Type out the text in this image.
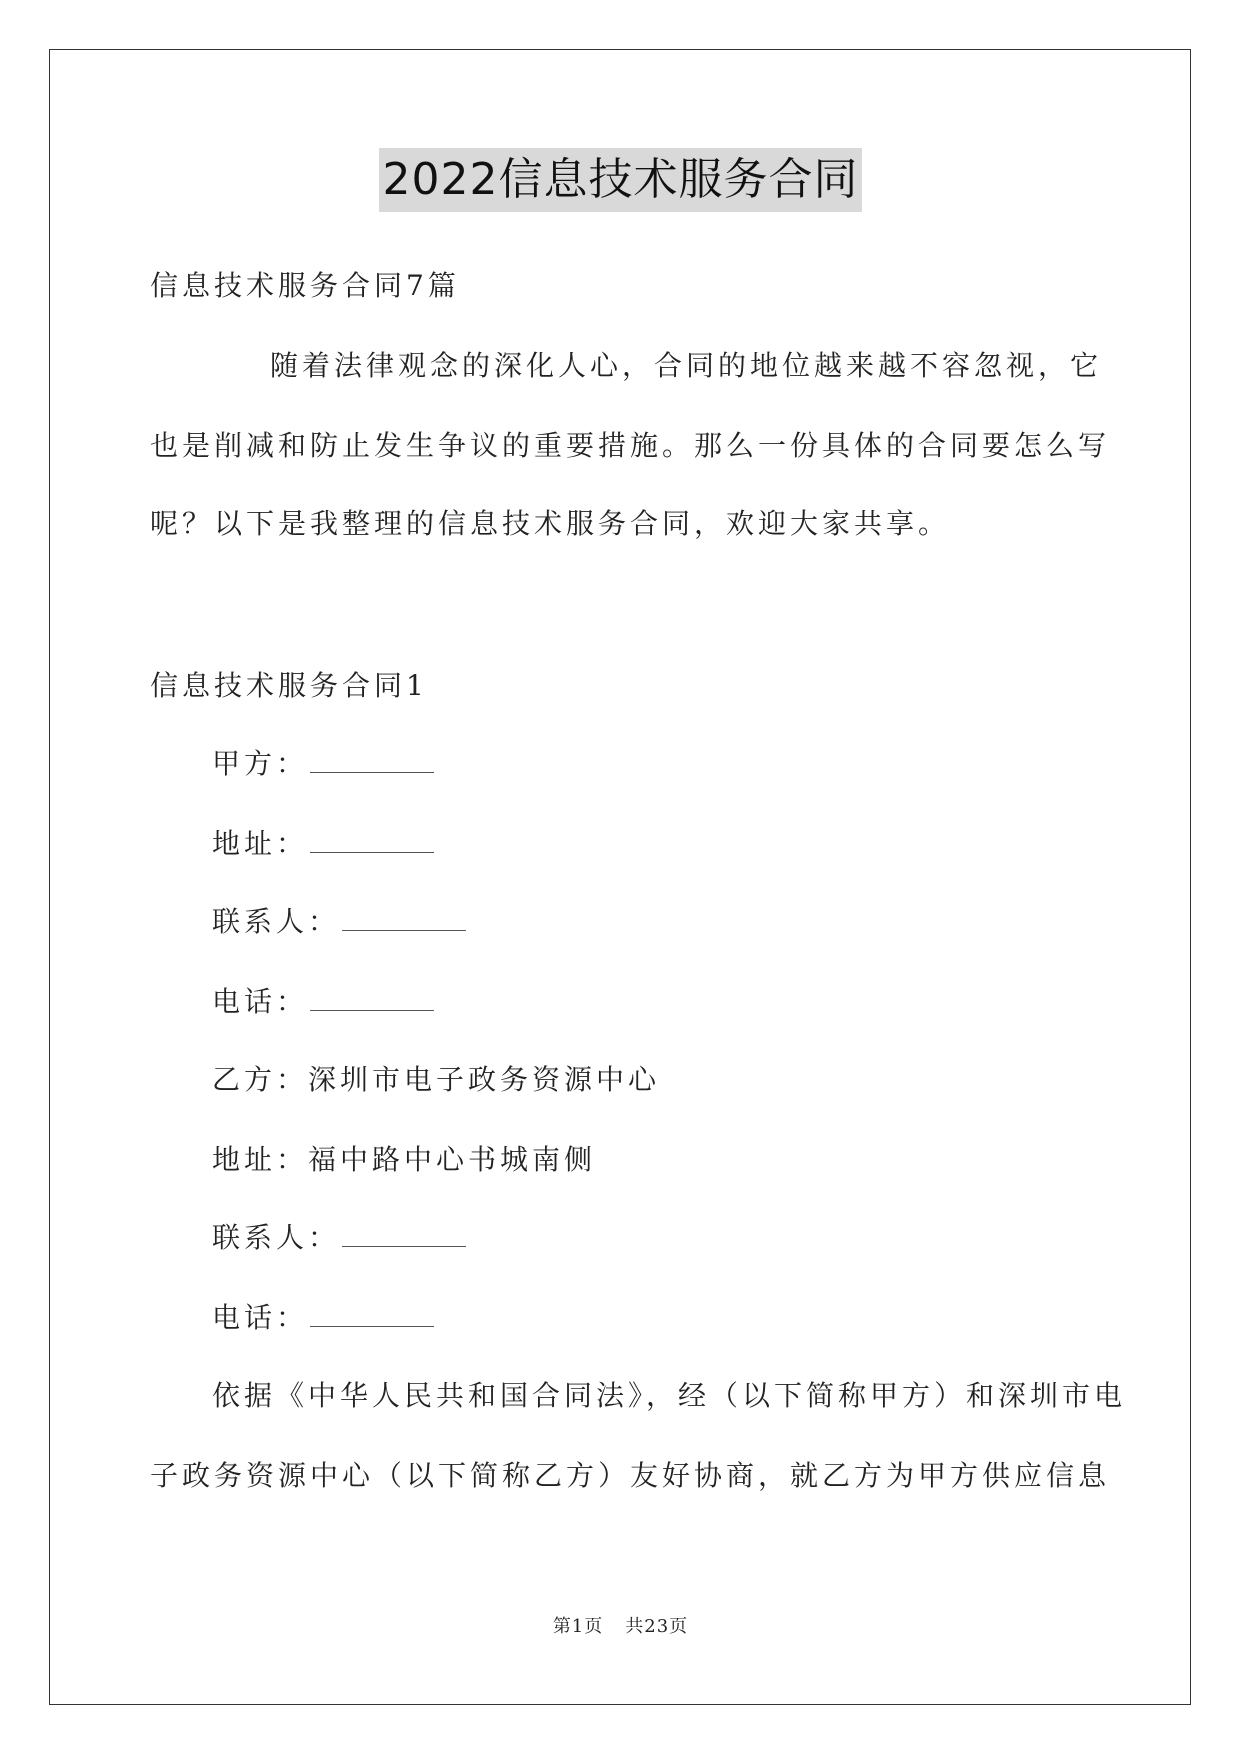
2022信息技术服务合同
信息技术服务合同7篇
随着法律观念的深化人心，合同的地位越来越不容忽视，它
也是削减和防止发生争议的重要措施。那么一份具体的合同要怎么写
呢？以下是我整理的信息技术服务合同，欢迎大家共享。
信息技术服务合同1
甲方：
地址：
联系人：
电话：
乙方：深圳市电子政务资源中心
地址：福中路中心书城南侧
联系人：
电话：
依据《中华人民共和国合同法》，经（以下简称甲方）和深圳市电
子政务资源中心（以下简称乙方）友好协商，就乙方为甲方供应信息
第1页 共23页
